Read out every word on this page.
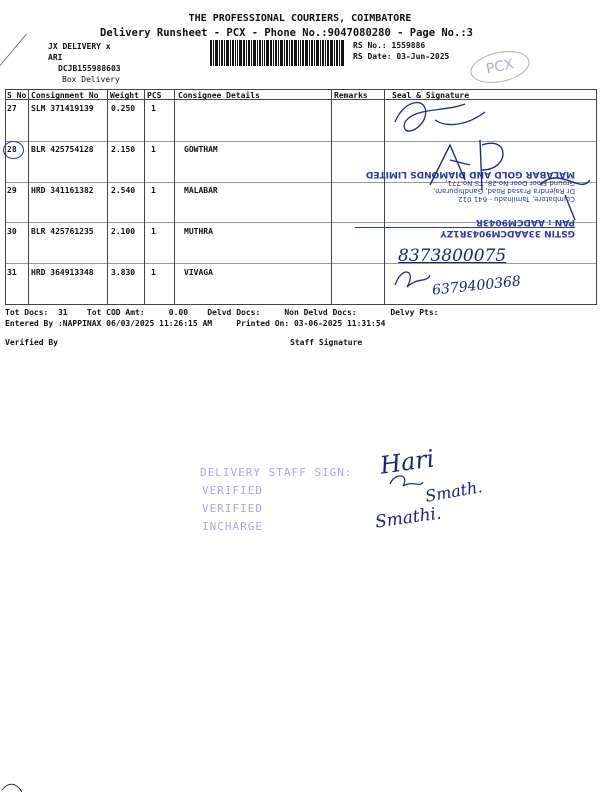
THE PROFESSIONAL COURIERS, COIMBATORE
Delivery Runsheet - PCX - Phone No.:9047080280 - Page No.:3
JX DELIVERY x
ARI
DCJB155988603
Box Delivery
RS No.: 1559886
RS Date: 03-Jun-2025	PCX
S No Consignment No Weight PCS Consignee Details	Remarks	Seal & Signature
27 SLM 371419139 0.250 1
28 BLR 425754128 2.150 1	GOWTHAM
29 HRD 341161382 2.540 1	MALABAR
30 BLR 425761235 2.100 1	MUTHRA
31 HRD 364913348 3.830 1	VIVAGA
GSTIN 33AADCM9043R1ZY
PAN : AADCM9043R
Coimbatore, Tamilnadu - 641 012
Dr Rajendra Prasad Road, Gandhipuram,
Ground Floor Door No.28, TS No.771,
MALABAR GOLD AND DIAMONDS LIMITED
8373800075
6379400368
Tot Docs:  31    Tot COD Amt:     0.00    Delvd Docs:     Non Delvd Docs:       Delvy Pts:
Entered By :NAPPINAX 06/03/2025 11:26:15 AM     Printed On: 03-06-2025 11:31:54
Verified By	Staff Signature
DELIVERY STAFF SIGN:
VERIFIED
VERIFIED
INCHARGE
Hari
Smath.
Smathi.
